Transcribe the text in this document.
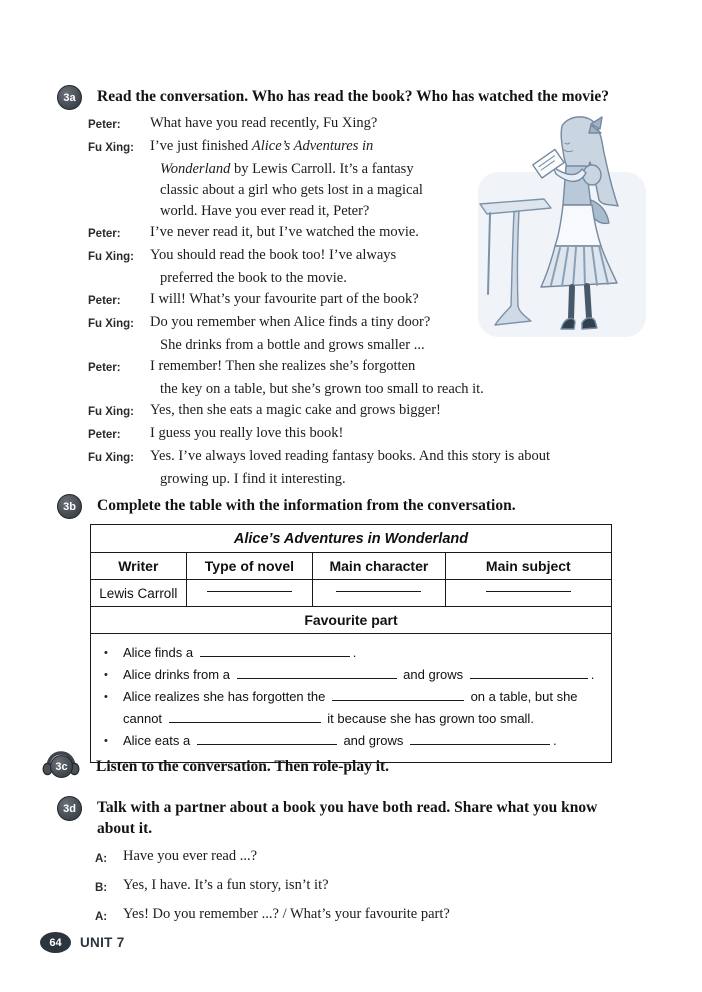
3a	Read the conversation. Who has read the book? Who has watched the movie?
Peter:	What have you read recently, Fu Xing?
Fu Xing:	I’ve just finished Alice’s Adventures in
Wonderland by Lewis Carroll. It’s a fantasy
classic about a girl who gets lost in a magical
world. Have you ever read it, Peter?
Peter:	I’ve never read it, but I’ve watched the movie.
Fu Xing:	You should read the book too! I’ve always
preferred the book to the movie.
Peter:	I will! What’s your favourite part of the book?
Fu Xing:	Do you remember when Alice finds a tiny door?
She drinks from a bottle and grows smaller ...
Peter:	I remember! Then she realizes she’s forgotten
the key on a table, but she’s grown too small to reach it.
Fu Xing:	Yes, then she eats a magic cake and grows bigger!
Peter:	I guess you really love this book!
Fu Xing:	Yes. I’ve always loved reading fantasy books. And this story is about
growing up. I find it interesting.
3b	Complete the table with the information from the conversation.
Alice’s Adventures in Wonderland
Writer	Type of novel	Main character	Main subject
Lewis Carroll
Favourite part
•	Alice finds a	.
•	Alice drinks from a	and grows	.
•	Alice realizes she has forgotten the	on a table, but she
cannot	it because she has grown too small.
•	Alice eats a	and grows	.
3c	Listen to the conversation. Then role-play it.
3d	Talk with a partner about a book you have both read. Share what you know
about it.
A:	Have you ever read ...?
B:	Yes, I have. It’s a fun story, isn’t it?
A:	Yes! Do you remember ...? / What’s your favourite part?
64	UNIT 7
